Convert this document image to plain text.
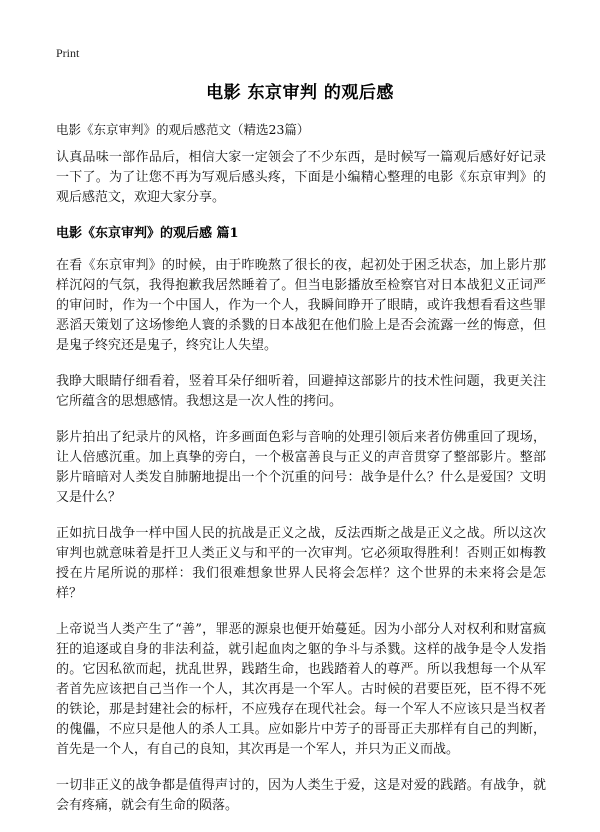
Print
电影 东京审判 的观后感
电影《东京审判》的观后感范文（精选23篇）

认真品味一部作品后，相信大家一定领会了不少东西，是时候写一篇观后感好好记录一下了。为了让您不再为写观后感头疼，下面是小编精心整理的电影《东京审判》的观后感范文，欢迎大家分享。

电影《东京审判》的观后感 篇1

在看《东京审判》的时候，由于昨晚熬了很长的夜，起初处于困乏状态，加上影片那样沉闷的气氛，我得抱歉我居然睡着了。但当电影播放至检察官对日本战犯义正词严的审问时，作为一个中国人，作为一个人，我瞬间睁开了眼睛，或许我想看看这些罪恶滔天策划了这场惨绝人寰的杀戮的日本战犯在他们脸上是否会流露一丝的悔意，但是鬼子终究还是鬼子，终究让人失望。

我睁大眼睛仔细看着，竖着耳朵仔细听着，回避掉这部影片的技术性问题，我更关注它所蕴含的思想感情。我想这是一次人性的拷问。

影片拍出了纪录片的风格，许多画面色彩与音响的处理引领后来者仿佛重回了现场，让人倍感沉重。加上真挚的旁白，一个极富善良与正义的声音贯穿了整部影片。整部影片暗暗对人类发自肺腑地提出一个个沉重的问号：战争是什么？什么是爱国？文明又是什么？

正如抗日战争一样中国人民的抗战是正义之战，反法西斯之战是正义之战。所以这次审判也就意味着是扞卫人类正义与和平的一次审判。它必须取得胜利！否则正如梅教授在片尾所说的那样：我们很难想象世界人民将会怎样？这个世界的未来将会是怎样？

上帝说当人类产生了“善”，罪恶的源泉也便开始蔓延。因为小部分人对权利和财富疯狂的追逐或自身的非法利益，就引起血肉之躯的争斗与杀戮。这样的战争是令人发指的。它因私欲而起，扰乱世界，践踏生命，也践踏着人的尊严。所以我想每一个从军者首先应该把自己当作一个人，其次再是一个军人。古时候的君要臣死，臣不得不死的铁论，那是封建社会的标杆，不应残存在现代社会。每一个军人不应该只是当权者的傀儡，不应只是他人的杀人工具。应如影片中芳子的哥哥正夫那样有自己的判断，首先是一个人，有自己的良知，其次再是一个军人，并只为正义而战。

一切非正义的战争都是值得声讨的，因为人类生于爱，这是对爱的践踏。有战争，就会有疼痛，就会有生命的陨落。
